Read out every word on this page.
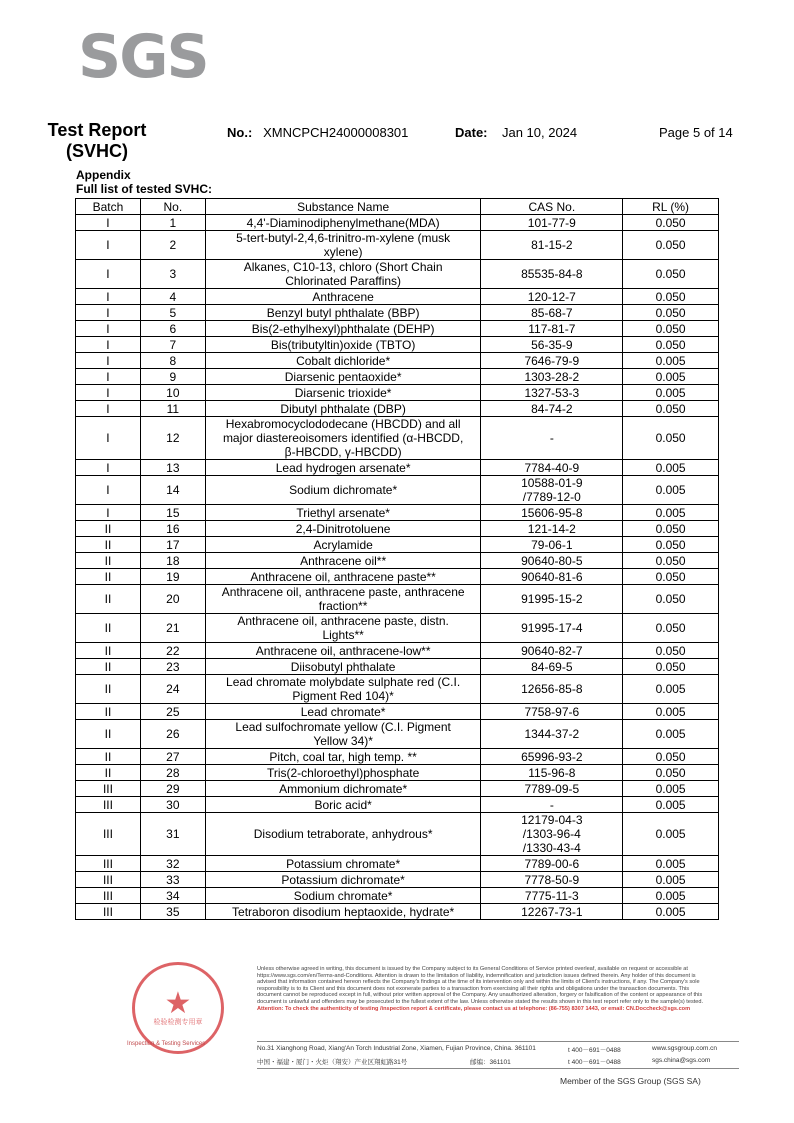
SGS
Test Report
(SVHC)
No.: XMNCPCH24000008301	Date: Jan 10, 2024	Page 5 of 14
Appendix
Full list of tested SVHC:
Batch	No.	Substance Name	CAS No.	RL (%)
I	1	4,4'-Diaminodiphenylmethane(MDA)	101-77-9	0.050
I	2	5-tert-butyl-2,4,6-trinitro-m-xylene (musk
xylene)	81-15-2	0.050
I	3	Alkanes, C10-13, chloro (Short Chain
Chlorinated Paraffins)	85535-84-8	0.050
I	4	Anthracene	120-12-7	0.050
I	5	Benzyl butyl phthalate (BBP)	85-68-7	0.050
I	6	Bis(2-ethylhexyl)phthalate (DEHP)	117-81-7	0.050
I	7	Bis(tributyltin)oxide (TBTO)	56-35-9	0.050
I	8	Cobalt dichloride*	7646-79-9	0.005
I	9	Diarsenic pentaoxide*	1303-28-2	0.005
I	10	Diarsenic trioxide*	1327-53-3	0.005
I	11	Dibutyl phthalate (DBP)	84-74-2	0.050
I	12	Hexabromocyclododecane (HBCDD) and all
major diastereoisomers identified (α-HBCDD,
β-HBCDD, γ-HBCDD)	-	0.050
I	13	Lead hydrogen arsenate*	7784-40-9	0.005
I	14	Sodium dichromate*	10588-01-9
/7789-12-0	0.005
I	15	Triethyl arsenate*	15606-95-8	0.005
II	16	2,4-Dinitrotoluene	121-14-2	0.050
II	17	Acrylamide	79-06-1	0.050
II	18	Anthracene oil**	90640-80-5	0.050
II	19	Anthracene oil, anthracene paste**	90640-81-6	0.050
II	20	Anthracene oil, anthracene paste, anthracene
fraction**	91995-15-2	0.050
II	21	Anthracene oil, anthracene paste, distn.
Lights**	91995-17-4	0.050
II	22	Anthracene oil, anthracene-low**	90640-82-7	0.050
II	23	Diisobutyl phthalate	84-69-5	0.050
II	24	Lead chromate molybdate sulphate red (C.I.
Pigment Red 104)*	12656-85-8	0.005
II	25	Lead chromate*	7758-97-6	0.005
II	26	Lead sulfochromate yellow (C.I. Pigment
Yellow 34)*	1344-37-2	0.005
II	27	Pitch, coal tar, high temp. **	65996-93-2	0.050
II	28	Tris(2-chloroethyl)phosphate	115-96-8	0.050
III	29	Ammonium dichromate*	7789-09-5	0.005
III	30	Boric acid*	-	0.005
III	31	Disodium tetraborate, anhydrous*	12179-04-3
/1303-96-4
/1330-43-4	0.005
III	32	Potassium chromate*	7789-00-6	0.005
III	33	Potassium dichromate*	7778-50-9	0.005
III	34	Sodium chromate*	7775-11-3	0.005
III	35	Tetraboron disodium heptaoxide, hydrate*	12267-73-1	0.005
★
检验检测专用章
Inspection & Testing Services
Unless otherwise agreed in writing, this document is issued by the Company subject to its General Conditions of Service printed overleaf, available on request or accessible at https://www.sgs.com/en/Terms-and-Conditions. Attention is drawn to the limitation of liability, indemnification and jurisdiction issues defined therein. Any holder of this document is advised that information contained hereon reflects the Company's findings at the time of its intervention only and within the limits of Client's instructions, if any. The Company's sole responsibility is to its Client and this document does not exonerate parties to a transaction from exercising all their rights and obligations under the transaction documents. This document cannot be reproduced except in full, without prior written approval of the Company. Any unauthorized alteration, forgery or falsification of the content or appearance of this document is unlawful and offenders may be prosecuted to the fullest extent of the law. Unless otherwise stated the results shown in this test report refer only to the sample(s) tested. Attention: To check the authenticity of testing /inspection report & certificate, please contact us at telephone: (86-755) 8307 1443, or email: CN.Doccheck@sgs.com
No.31 Xianghong Road, Xiang'An Torch Industrial Zone, Xiamen, Fujian Province, China. 361101	t 400－691－0488	www.sgsgroup.com.cn
中国・福建・厦门・火炬（翔安）产业区翔虹路31号	邮编：361101	t 400－691－0488	sgs.china@sgs.com
Member of the SGS Group (SGS SA)
